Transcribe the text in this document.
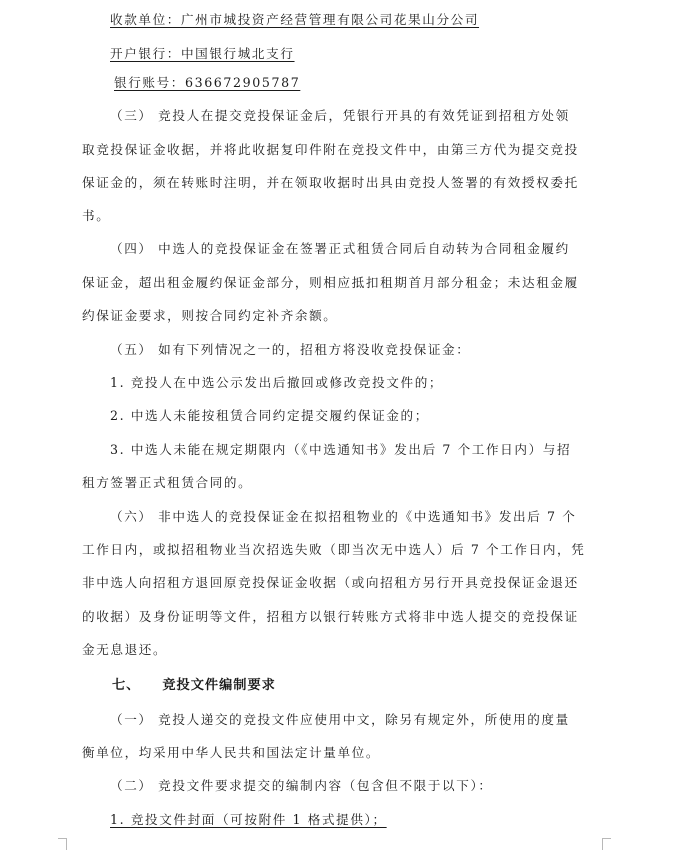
收款单位：广州市城投资产经营管理有限公司花果山分公司
开户银行：中国银行城北支行
银行账号：636672905787
（三） 竞投人在提交竞投保证金后，凭银行开具的有效凭证到招租方处领
取竞投保证金收据，并将此收据复印件附在竞投文件中，由第三方代为提交竞投
保证金的，须在转账时注明，并在领取收据时出具由竞投人签署的有效授权委托
书。
（四） 中选人的竞投保证金在签署正式租赁合同后自动转为合同租金履约
保证金，超出租金履约保证金部分，则相应抵扣租期首月部分租金；未达租金履
约保证金要求，则按合同约定补齐余额。
（五） 如有下列情况之一的，招租方将没收竞投保证金：
1. 竞投人在中选公示发出后撤回或修改竞投文件的；
2. 中选人未能按租赁合同约定提交履约保证金的；
3. 中选人未能在规定期限内（《中选通知书》发出后 7 个工作日内）与招
租方签署正式租赁合同的。
（六） 非中选人的竞投保证金在拟招租物业的《中选通知书》发出后 7 个
工作日内，或拟招租物业当次招选失败（即当次无中选人）后 7 个工作日内，凭
非中选人向招租方退回原竞投保证金收据（或向招租方另行开具竞投保证金退还
的收据）及身份证明等文件，招租方以银行转账方式将非中选人提交的竞投保证
金无息退还。
七、 竞投文件编制要求
（一） 竞投人递交的竞投文件应使用中文，除另有规定外，所使用的度量
衡单位，均采用中华人民共和国法定计量单位。
（二） 竞投文件要求提交的编制内容（包含但不限于以下）：
1. 竞投文件封面（可按附件 1 格式提供）；
